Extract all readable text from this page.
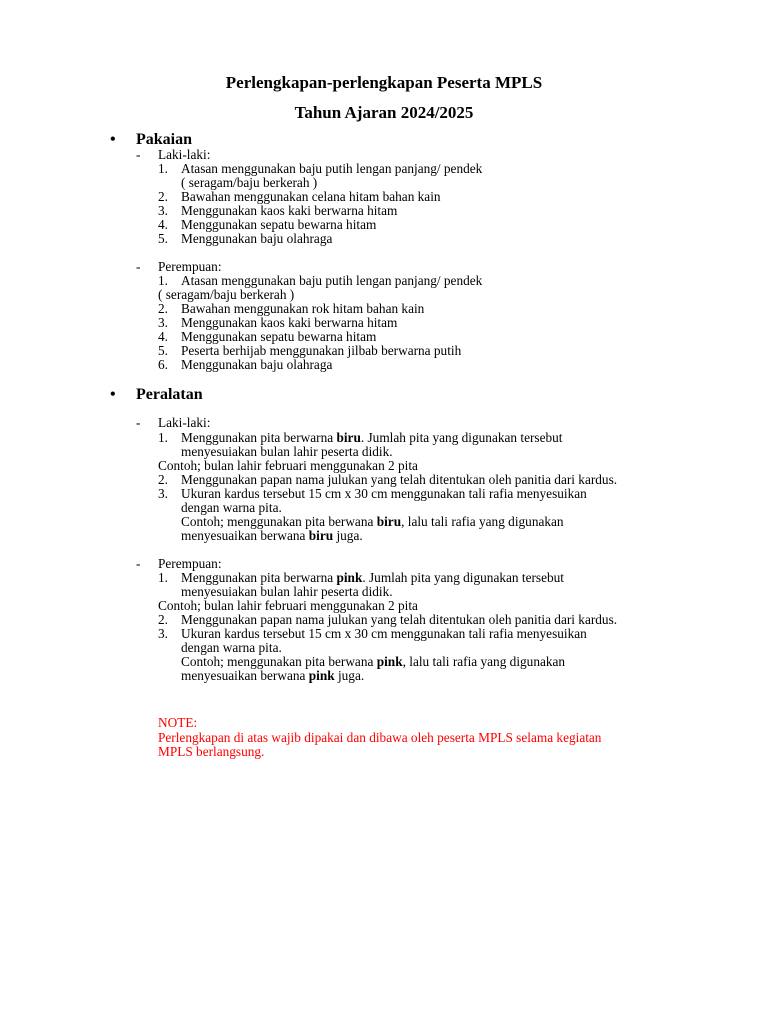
Perlengkapan-perlengkapan Peserta MPLS
Tahun Ajaran 2024/2025
• Pakaian
- Laki-laki:
1. Atasan menggunakan baju putih lengan panjang/ pendek
( seragam/baju berkerah )
2. Bawahan menggunakan celana hitam bahan kain
3. Menggunakan kaos kaki berwarna hitam
4. Menggunakan sepatu bewarna hitam
5. Menggunakan baju olahraga
- Perempuan:
1. Atasan menggunakan baju putih lengan panjang/ pendek
( seragam/baju berkerah )
2. Bawahan menggunakan rok hitam bahan kain
3. Menggunakan kaos kaki berwarna hitam
4. Menggunakan sepatu bewarna hitam
5. Peserta berhijab menggunakan jilbab berwarna putih
6. Menggunakan baju olahraga
• Peralatan
- Laki-laki:
1. Menggunakan pita berwarna biru. Jumlah pita yang digunakan tersebut
menyesuiakan bulan lahir peserta didik.
Contoh; bulan lahir februari menggunakan 2 pita
2. Menggunakan papan nama julukan yang telah ditentukan oleh panitia dari kardus.
3. Ukuran kardus tersebut 15 cm x 30 cm menggunakan tali rafia menyesuikan
dengan warna pita.
Contoh; menggunakan pita berwana biru, lalu tali rafia yang digunakan
menyesuaikan berwana biru juga.
- Perempuan:
1. Menggunakan pita berwarna pink. Jumlah pita yang digunakan tersebut
menyesuiakan bulan lahir peserta didik.
Contoh; bulan lahir februari menggunakan 2 pita
2. Menggunakan papan nama julukan yang telah ditentukan oleh panitia dari kardus.
3. Ukuran kardus tersebut 15 cm x 30 cm menggunakan tali rafia menyesuikan
dengan warna pita.
Contoh; menggunakan pita berwana pink, lalu tali rafia yang digunakan
menyesuaikan berwana pink juga.
NOTE:
Perlengkapan di atas wajib dipakai dan dibawa oleh peserta MPLS selama kegiatan
MPLS berlangsung.
